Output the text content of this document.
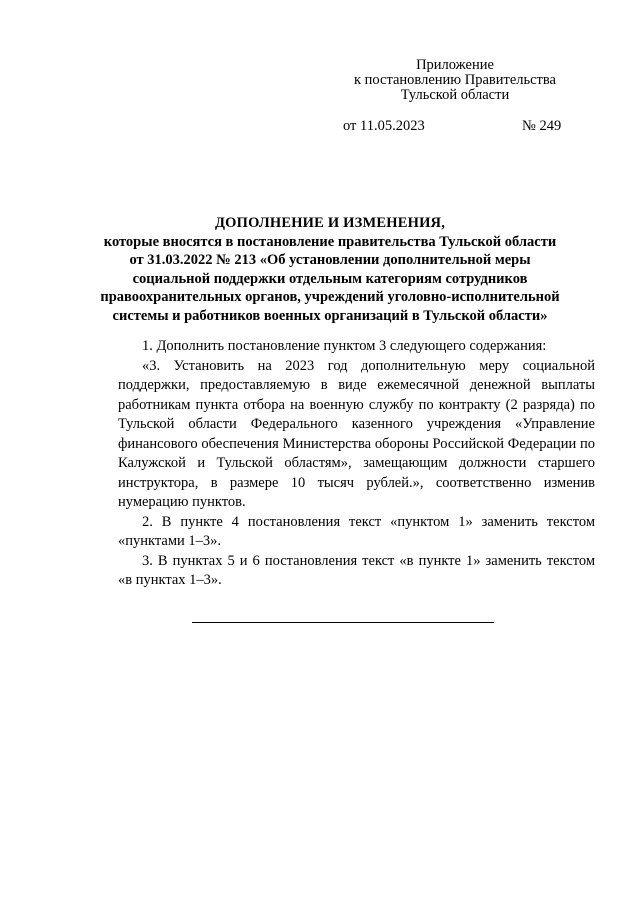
Приложение
к постановлению Правительства
Тульской области
от 11.05.2023	№ 249
ДОПОЛНЕНИЕ И ИЗМЕНЕНИЯ,
которые вносятся в постановление правительства Тульской области
от 31.03.2022 № 213 «Об установлении дополнительной меры
социальной поддержки отдельным категориям сотрудников
правоохранительных органов, учреждений уголовно-исполнительной
системы и работников военных организаций в Тульской области»

1. Дополнить постановление пунктом 3 следующего содержания:

«3. Установить на 2023 год дополнительную меру социальной поддержки, предоставляемую в виде ежемесячной денежной выплаты работникам пункта отбора на военную службу по контракту (2 разряда) по Тульской области Федерального казенного учреждения «Управление финансового обеспечения Министерства обороны Российской Федерации по Калужской и Тульской областям», замещающим должности старшего инструктора, в размере 10 тысяч рублей.», соответственно изменив нумерацию пунктов.

2. В пункте 4 постановления текст «пунктом 1» заменить текстом «пунктами 1–3».

3. В пунктах 5 и 6 постановления текст «в пункте 1» заменить текстом «в пунктах 1–3».
